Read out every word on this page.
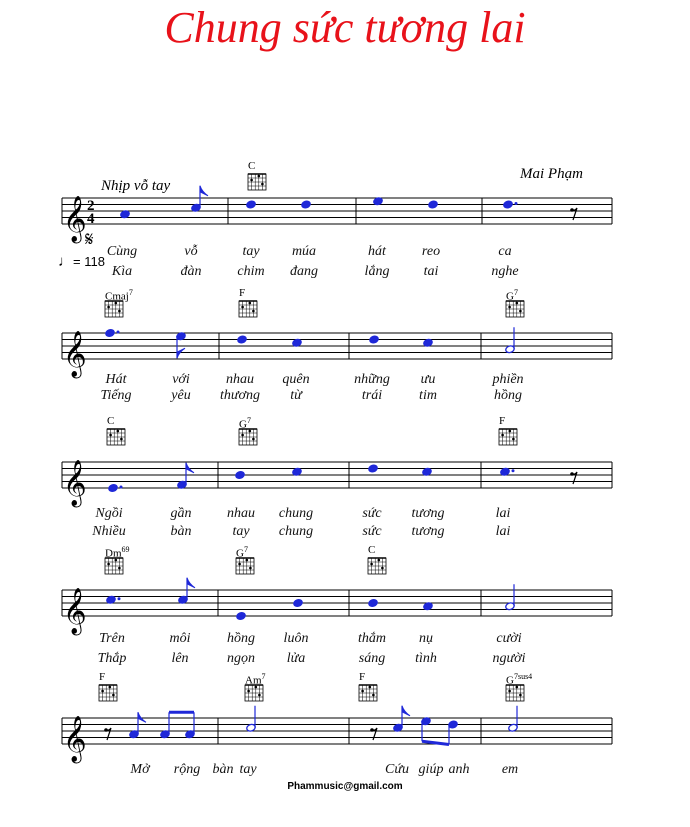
Chung sức tương lai
Nhịp vỗ tay
Mai Phạm
♩= 118
Phammusic@gmail.com
𝄞 2
4
𝄋
𝄞
𝄞
𝄞
𝄞
C
Cùng	vỗ	tay múa	hát	reo	ca
Kìa	đàn	chim đang	lắng tai	nghe
Cmaj$^7$	F	$G^7$
Hát	với	nhau quên	những ưu	phiền
Tiếng	yêu thương từ	trái	tim	hồng
C	$G^7$	F
Ngồi	gần	nhau chung	sức tương	lai
Nhiều	bàn	tay chung	sức tương	lai
Dm$^{69}$	$G^7$	C
Trên	môi	hồng luôn	thắm nụ	cười
Thắp	lên	ngọn lửa	sáng tình	người
F	Am$^7$	F	$G^{7sus4}$
Mở rộng bàn tay	Cứu giúp anh em
